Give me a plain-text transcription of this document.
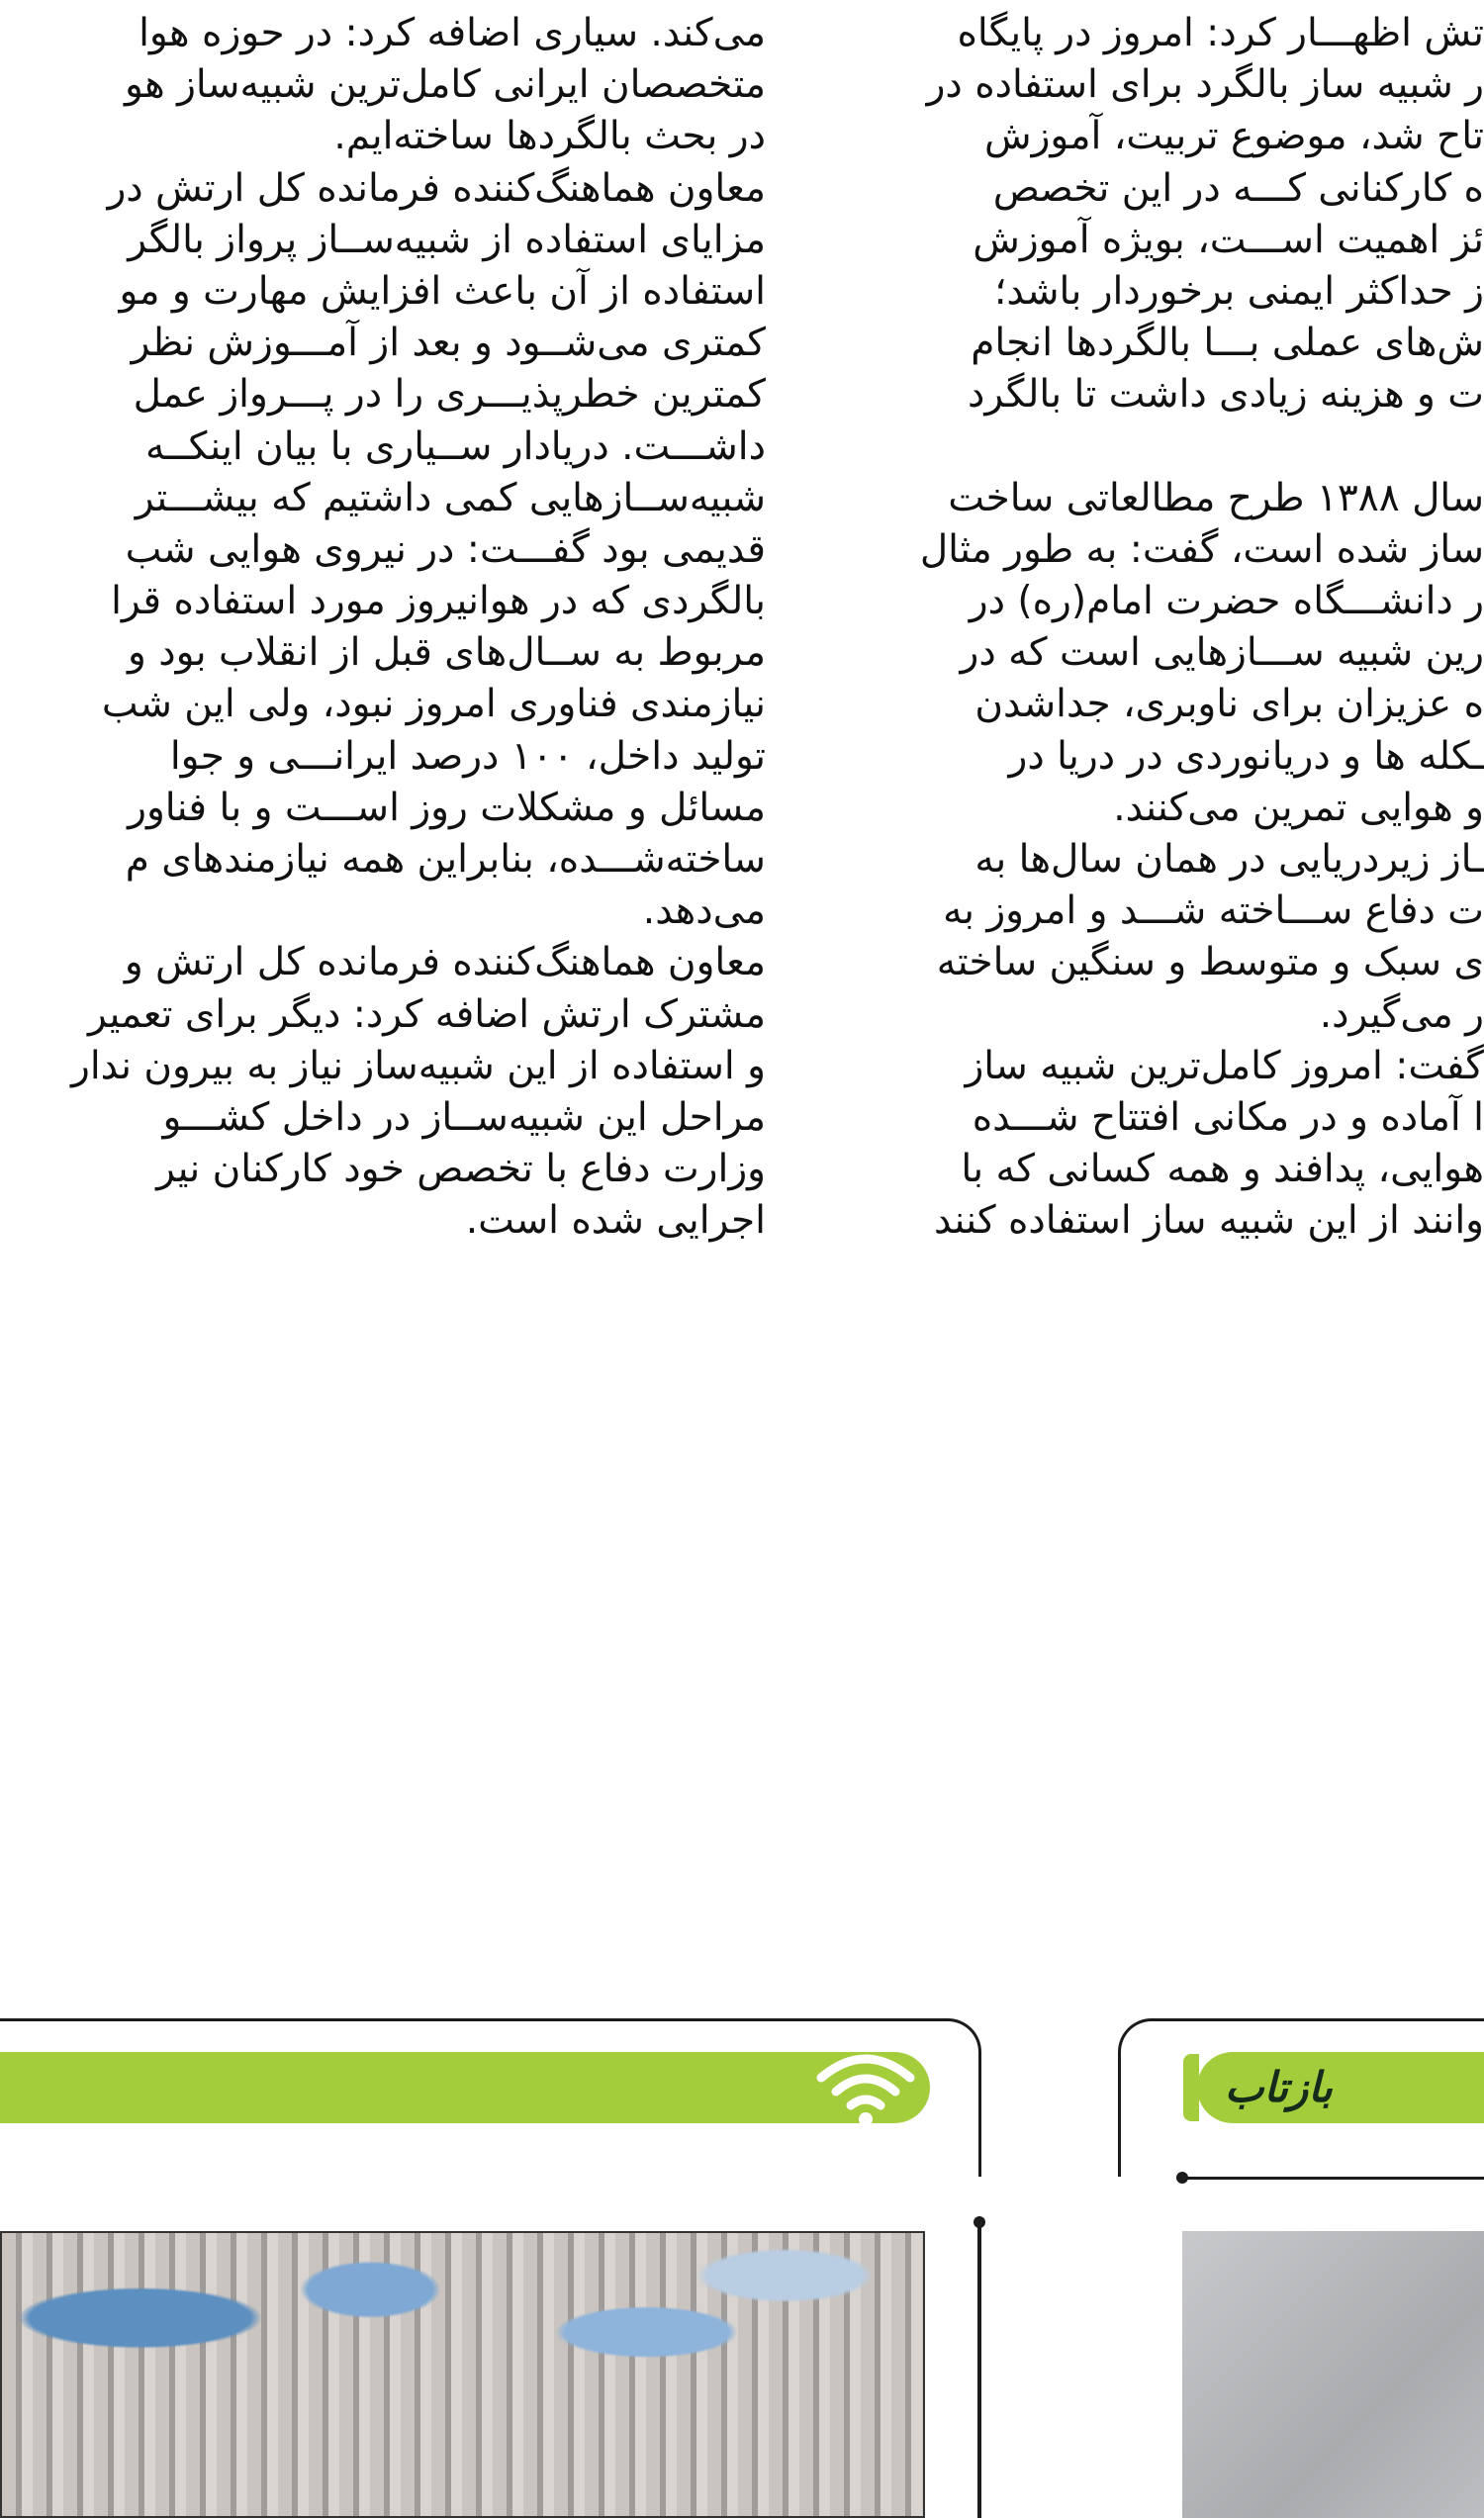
می‌کند. سیاری اضافه کرد: در حوزه هوا
متخصصان ایرانی کامل‌ترین شبیه‌ساز هو
در بحث بالگردها ساخته‌ایم.
معاون هماهنگ‌کننده فرمانده کل ارتش در
مزایای استفاده از شبیه‌ســاز پرواز بالگر
استفاده از آن باعث افزایش مهارت و مو
کمتری می‌شــود و بعد از آمـــوزش نظر
کمترین خطرپذیـــری را در پـــرواز عمل
داشـــت. دریادار ســیاری با بیان اینکــه
شبیه‌ســازهایی کمی داشتیم که بیشـــتر
قدیمی بود گفـــت: در نیروی هوایی شب
بالگردی که در هوانیروز مورد استفاده قرا
مربوط به ســال‌های قبل از انقلاب بود و
نیازمندی فناوری امروز نبود، ولی این شب
تولید داخل، ۱۰۰ درصد ایرانـــی و جوا
مسائل و مشکلات روز اســـت و با فناور
ساخته‌شـــده، بنابراین همه نیازمندهای م
می‌دهد.
معاون هماهنگ‌کننده فرمانده کل ارتش و
مشترک ارتش اضافه کرد: دیگر برای تعمیر
و استفاده از این شبیه‌ساز نیاز به بیرون ندار
مراحل این شبیه‌ســاز در داخل کشـــو
وزارت دفاع با تخصص خود کارکنان نیر
اجرایی شده است.
تش اظهـــار کرد: امروز در پایگاه
ر شبیه ساز بالگرد برای استفاده در
تاح شد، موضوع تربیت، آموزش
ه کارکنانی کـــه در این تخصص
ئز اهمیت اســـت، بویژه آموزش
ز حداکثر ایمنی برخوردار باشد؛
ش‌های عملی بـــا بالگردها انجام
ت و هزینه زیادی داشت تا بالگرد
سال ۱۳۸۸ طرح مطالعاتی ساخت
ساز شده است، گفت: به طور مثال
ر دانشـــگاه حضرت امام(ره) در
رین شبیه ســـازهایی است که در
ه عزیزان برای ناوبری، جداشدن
ـکله ها و دریانوردی در دریا در
و هوایی تمرین می‌کنند.
ـاز زیردریایی در همان سال‌ها به
ت دفاع ســـاخته شـــد و امروز به
ی سبک و متوسط و سنگین ساخته
ر می‌گیرد.
گفت: امروز کامل‌ترین شبیه ساز
ا آماده و در مکانی افتتاح شـــده
هوایی، پدافند و همه کسانی که با
وانند از این شبیه ساز استفاده کنند
بازتاب
